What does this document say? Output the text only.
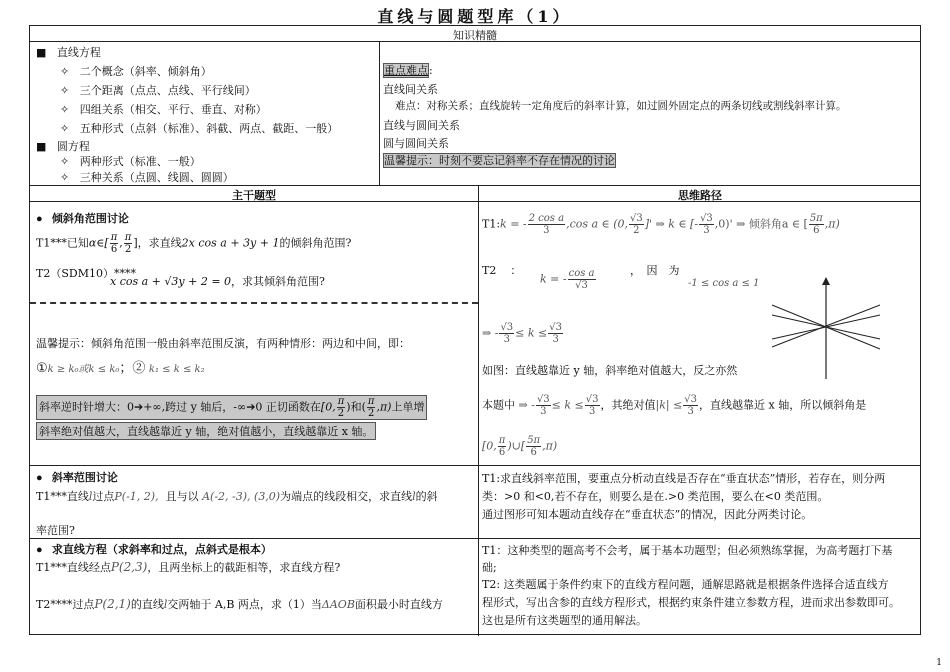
直线与圆题型库（1）
知识精髓
■ 直线方程
✧ 二个概念（斜率、倾斜角）
✧ 三个距离（点点、点线、平行线间）
✧ 四组关系（相交、平行、垂直、对称）
✧ 五种形式（点斜（标准）、斜截、两点、截距、一般）
■ 圆方程
✧ 两种形式（标准、一般）
✧ 三种关系（点圆、线圆、圆圆）
重点难点:
直线间关系
难点：对称关系；直线旋转一定角度后的斜率计算，如过圆外固定点的两条切线或割线斜率计算。
直线与圆间关系
圆与圆间关系
温馨提示：时刻不要忘记斜率不存在情况的讨论
主干题型	思维路径
● 倾斜角范围讨论
T1***已知α∈[ $\frac{\pi}{6}$ , $\frac{\pi}{2}$ ]，求直线2x cos a + 3y + 1的倾斜角范围?
T2（SDM10）****
x cos a + √3y + 2 = 0，求其倾斜角范围?
温馨提示：倾斜角范围一般由斜率范围反演，有两种情形：两边和中间，即：
①k ≥ k₀或k ≤ k₀；② k₁ ≤ k ≤ k₂
斜率逆时针增大：0➔+∞,跨过 y 轴后，-∞➔0 正切函数在[0, $\frac{\pi}{2}$ )和( $\frac{\pi}{2} ,\pi$)上单增
斜率绝对值越大，直线越靠近 y 轴，绝对值越小，直线越靠近 x 轴。
T1:k = - $\frac{\text{2 cos a}}{3} ,\cos$ a ∈ (0, $\frac{√3}{2}$ ]' ⇒ k ∈ [- $\frac{√3}{3} ,0)'$ ⇒ 倾斜角a ∈ [ $\frac{5\pi}{6} ,\pi$)
T2 ：
k = - $\frac{\text{cos a}}{√3}$	，　因　为
-1 ≤ cos a ≤ 1
⇒ - $\frac{√3}{3} \le k \le \frac{√3}{3}$
如图：直线越靠近 y 轴，斜率绝对值越大，反之亦然
本题中 ⇒ - $\frac{√3}{3} \le k \le \frac{√3}{3}$ ，其绝对值$|k| \le \frac{√3}{3}$ ，直线越靠近 x 轴，所以倾斜角是
[0, $\frac{\pi}{6}$ )∪[ $\frac{5\pi}{6} ,\pi$)
● 斜率范围讨论
T1***直线l过点P(-1, 2), 且与以 A(-2, -3), (3,0)为端点的线段相交，求直线l的斜
率范围?
T1:求直线斜率范围，要重点分析动直线是否存在“垂直状态”情形，若存在，则分两
类：>0 和<0,若不存在，则要么是在.>0 类范围，要么在<0 类范围。
通过图形可知本题动直线存在“垂直状态”的情况，因此分两类讨论。
● 求直线方程（求斜率和过点，点斜式是根本）
T1***直线经点P(2,3)，且两坐标上的截距相等，求直线方程?
T2****过点P(2,1)的直线l交两轴于 A,B 两点，求（1）当ΔAOB面积最小时直线方
T1：这种类型的题高考不会考，属于基本功题型；但必须熟练掌握，为高考题打下基
础;
T2: 这类题属于条件约束下的直线方程问题，通解思路就是根据条件选择合适直线方
程形式，写出含参的直线方程形式，根据约束条件建立参数方程，进而求出参数即可。
这也是所有这类题型的通用解法。
1
